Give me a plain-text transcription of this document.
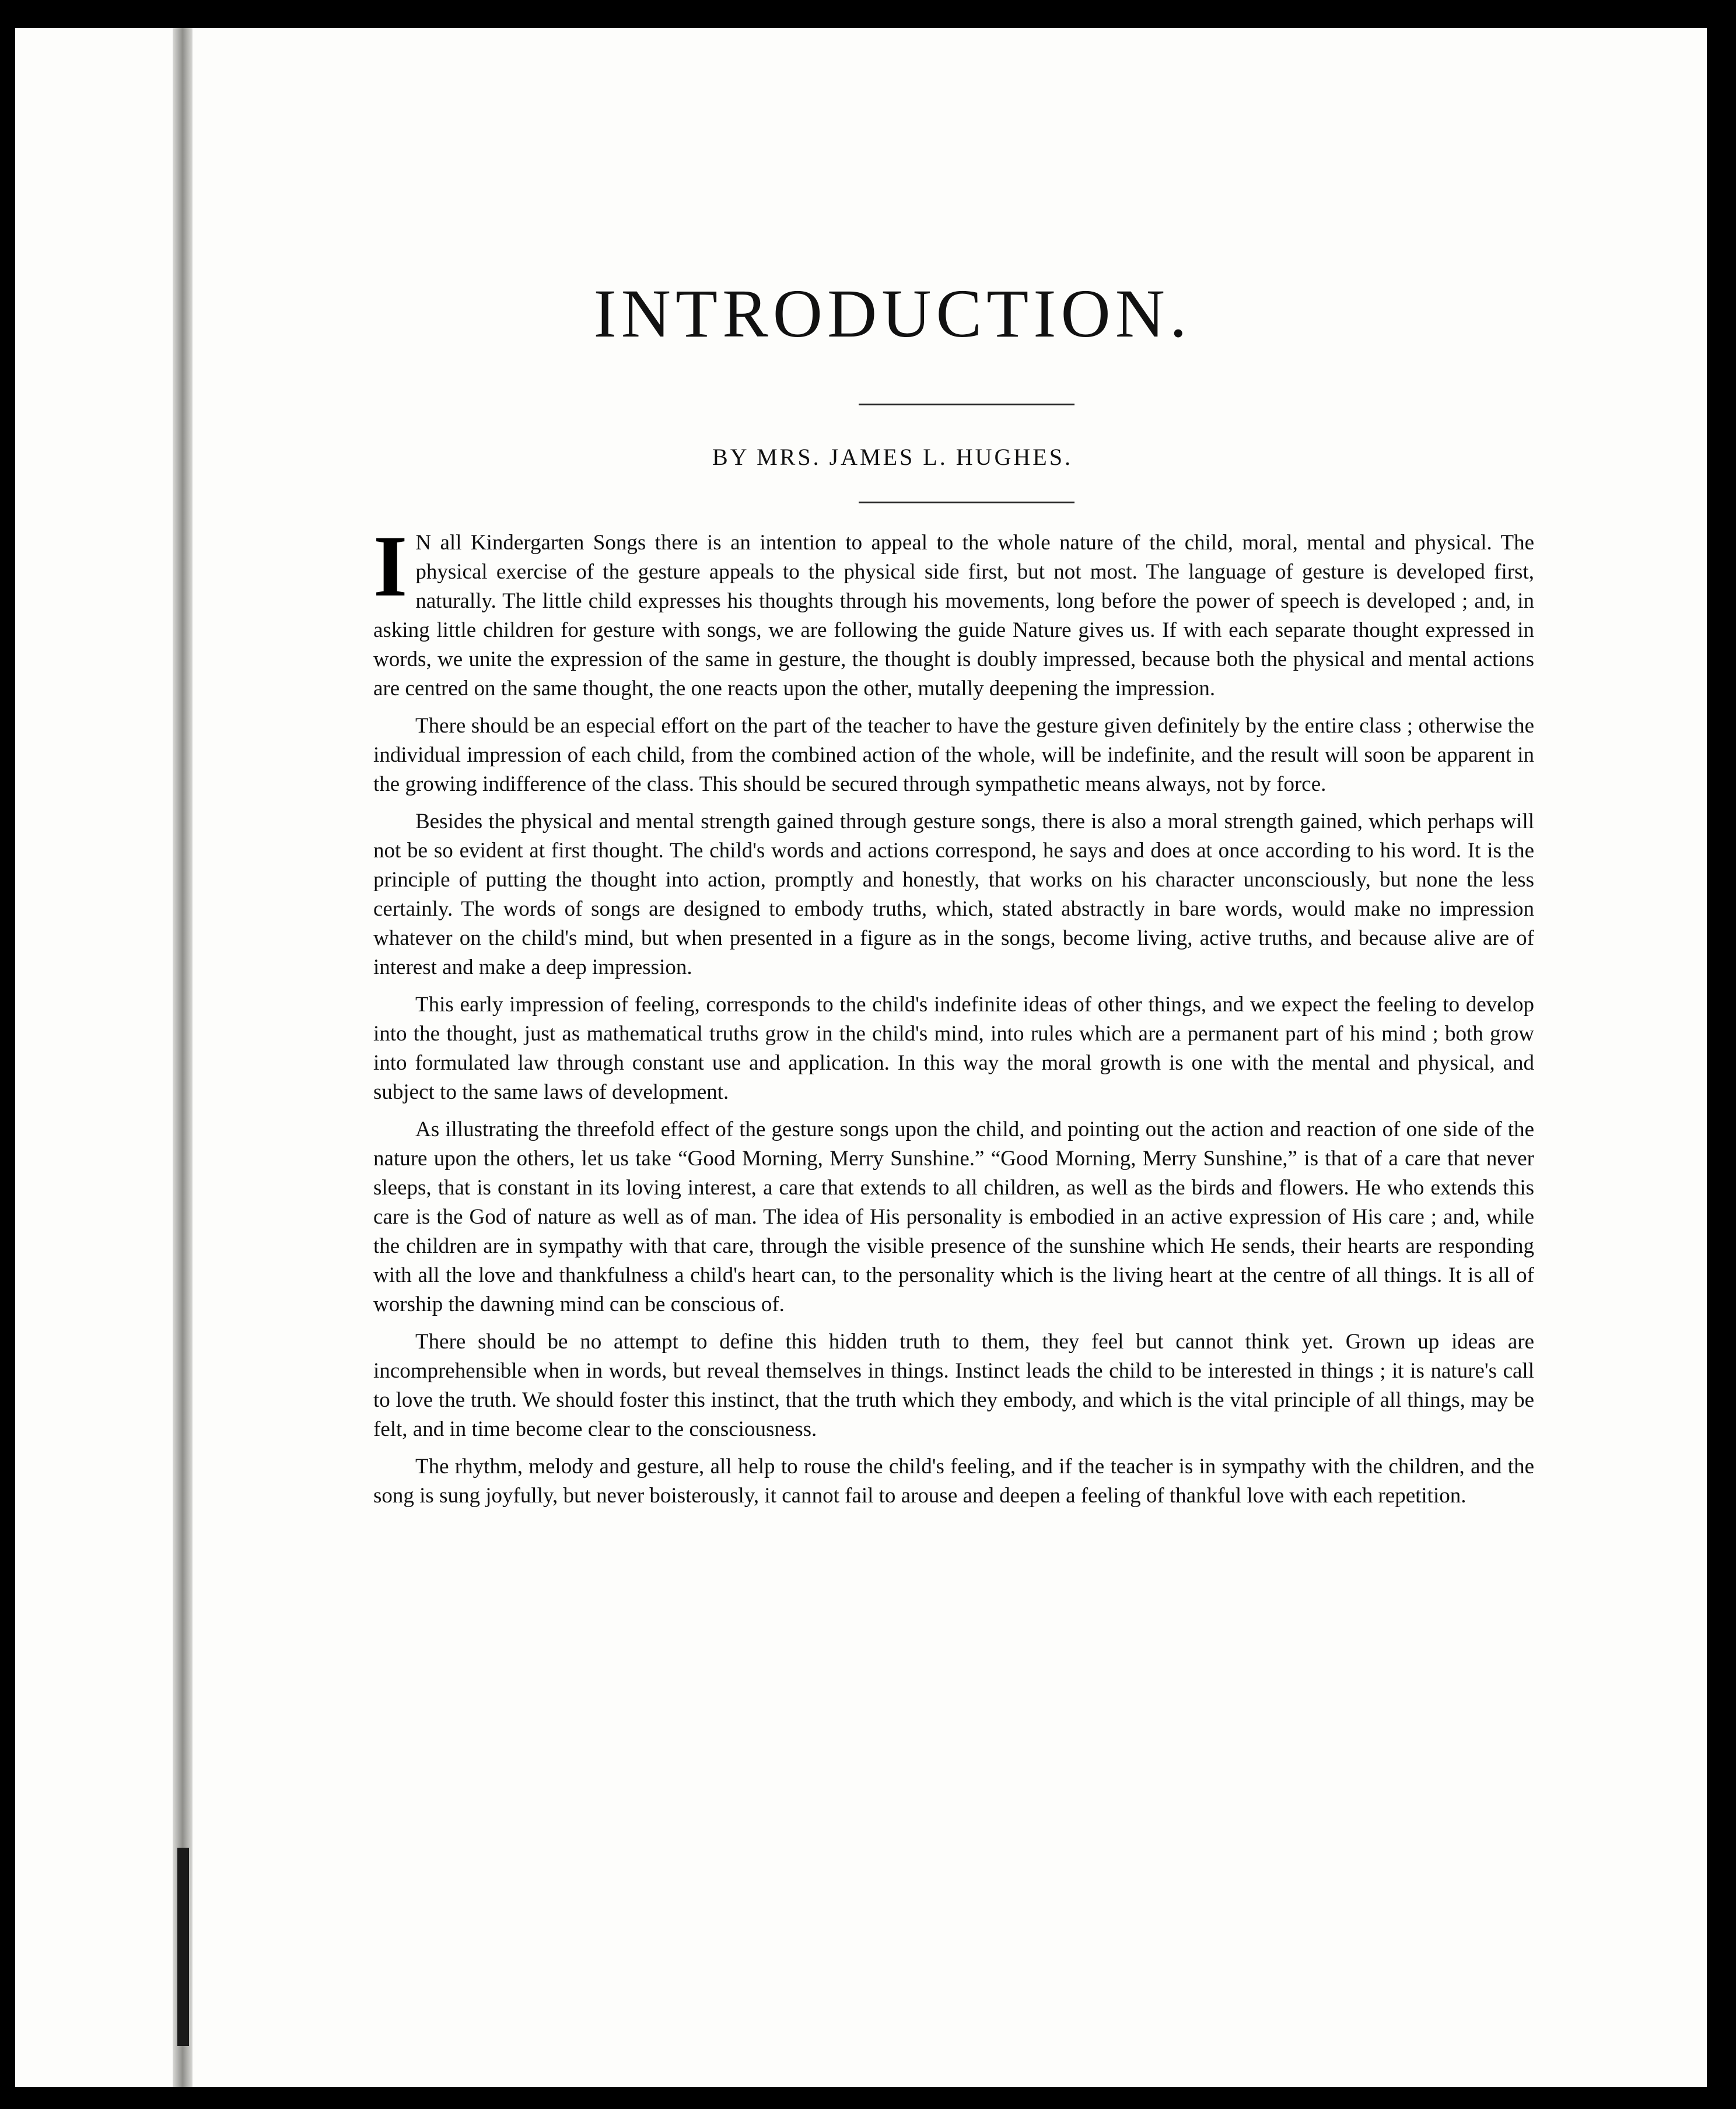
INTRODUCTION.
BY MRS. JAMES L. HUGHES.

I N all Kindergarten Songs there is an intention to appeal to the whole nature of the child, moral, mental and physical. The physical exercise of the gesture appeals to the physical side first, but not most. The language of gesture is developed first, naturally. The little child expresses his thoughts through his movements, long before the power of speech is developed ; and, in asking little children for gesture with songs, we are following the guide Nature gives us. If with each separate thought expressed in words, we unite the expression of the same in gesture, the thought is doubly impressed, because both the physical and mental actions are centred on the same thought, the one reacts upon the other, mutally deepening the impression.

There should be an especial effort on the part of the teacher to have the gesture given definitely by the entire class ; otherwise the individual impression of each child, from the combined action of the whole, will be indefinite, and the result will soon be apparent in the growing indifference of the class. This should be secured through sympathetic means always, not by force.

Besides the physical and mental strength gained through gesture songs, there is also a moral strength gained, which perhaps will not be so evident at first thought. The child's words and actions correspond, he says and does at once according to his word. It is the principle of putting the thought into action, promptly and honestly, that works on his character unconsciously, but none the less certainly. The words of songs are designed to embody truths, which, stated abstractly in bare words, would make no impression whatever on the child's mind, but when presented in a figure as in the songs, become living, active truths, and because alive are of interest and make a deep impression.

This early impression of feeling, corresponds to the child's indefinite ideas of other things, and we expect the feeling to develop into the thought, just as mathematical truths grow in the child's mind, into rules which are a permanent part of his mind ; both grow into formulated law through constant use and application. In this way the moral growth is one with the mental and physical, and subject to the same laws of development.

As illustrating the threefold effect of the gesture songs upon the child, and pointing out the action and reaction of one side of the nature upon the others, let us take “Good Morning, Merry Sunshine.” “Good Morning, Merry Sunshine,” is that of a care that never sleeps, that is constant in its loving interest, a care that extends to all children, as well as the birds and flowers. He who extends this care is the God of nature as well as of man. The idea of His personality is embodied in an active expression of His care ; and, while the children are in sympathy with that care, through the visible presence of the sunshine which He sends, their hearts are responding with all the love and thankfulness a child's heart can, to the personality which is the living heart at the centre of all things. It is all of worship the dawning mind can be conscious of.

There should be no attempt to define this hidden truth to them, they feel but cannot think yet. Grown up ideas are incomprehensible when in words, but reveal themselves in things. Instinct leads the child to be interested in things ; it is nature's call to love the truth. We should foster this instinct, that the truth which they embody, and which is the vital principle of all things, may be felt, and in time become clear to the consciousness.

The rhythm, melody and gesture, all help to rouse the child's feeling, and if the teacher is in sympathy with the children, and the song is sung joyfully, but never boisterously, it cannot fail to arouse and deepen a feeling of thankful love with each repetition.
